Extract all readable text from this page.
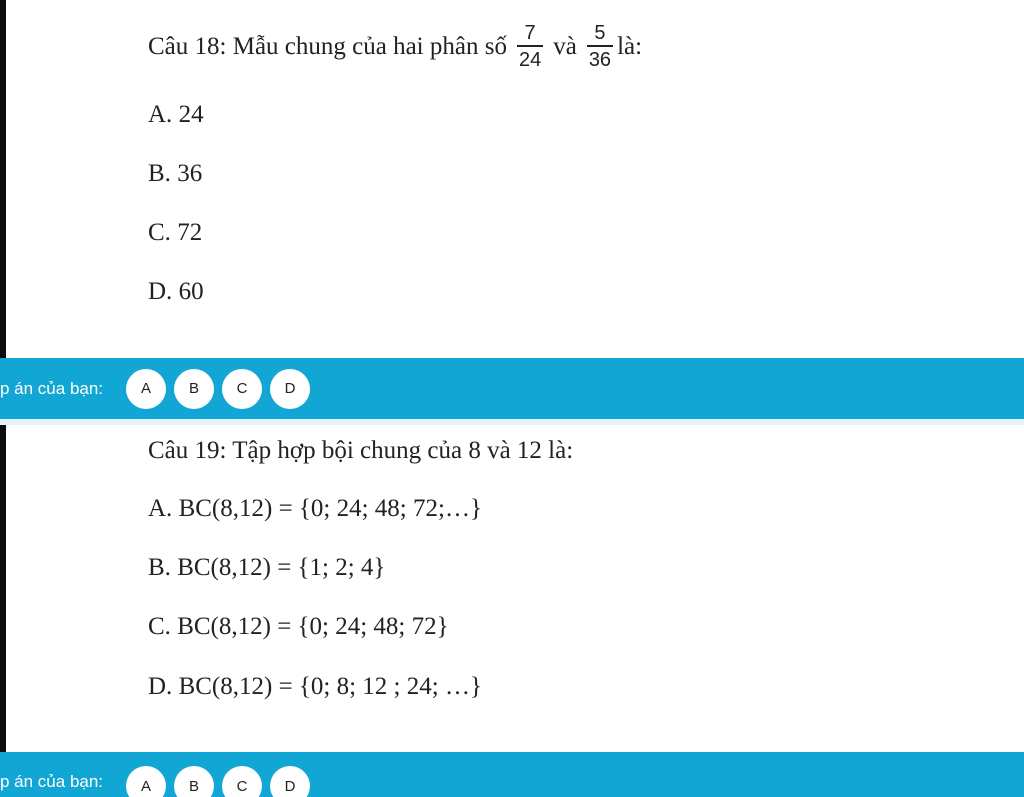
Câu 18: Mẫu chung của hai phân số $\frac{7}{24}$ và $\frac{5}{36}$ là:
A. 24
B. 36
C. 72
D. 60
p án của bạn:	A	B	C	D
Câu 19: Tập hợp bội chung của 8 và 12 là:
A. BC(8,12) = {0; 24; 48; 72;…}
B. BC(8,12) = {1; 2; 4}
C. BC(8,12) = {0; 24; 48; 72}
D. BC(8,12) = {0; 8; 12 ; 24; …}
p án của bạn:	A	B	C	D
